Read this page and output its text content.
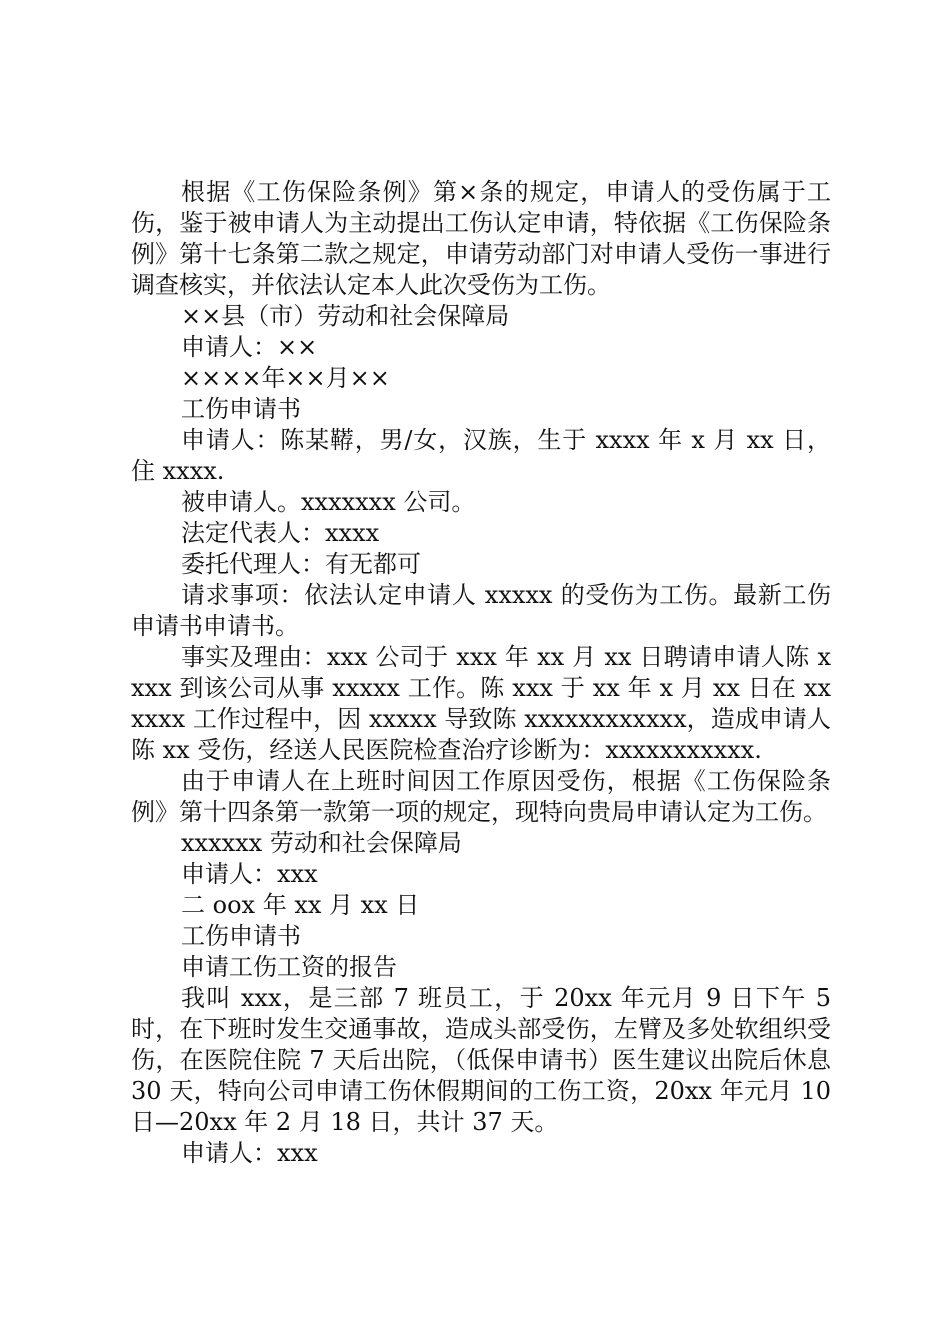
根据《工伤保险条例》第×条的规定，申请人的受伤属于工伤，鉴于被申请人为主动提出工伤认定申请，特依据《工伤保险条例》第十七条第二款之规定，申请劳动部门对申请人受伤一事进行调查核实，并依法认定本人此次受伤为工伤。

××县（市）劳动和社会保障局

申请人：××

××××年××月××

工伤申请书

申请人：陈某鞯，男/女，汉族，生于 xxxx 年 x 月 xx 日，住 xxxx.

被申请人。xxxxxxx 公司。

法定代表人：xxxx

委托代理人：有无都可

请求事项：依法认定申请人 xxxxx 的受伤为工伤。最新工伤申请书申请书。

事实及理由：xxx 公司于 xxx 年 xx 月 xx 日聘请申请人陈 xxxx 到该公司从事 xxxxx 工作。陈 xxx 于 xx 年 x 月 xx 日在 xxxxxx 工作过程中，因 xxxxx 导致陈 xxxxxxxxxxxx，造成申请人陈 xx 受伤，经送人民医院检查治疗诊断为：xxxxxxxxxxx.

由于申请人在上班时间因工作原因受伤，根据《工伤保险条例》第十四条第一款第一项的规定，现特向贵局申请认定为工伤。

xxxxxx 劳动和社会保障局

申请人：xxx

二 oox 年 xx 月 xx 日

工伤申请书

申请工伤工资的报告

我叫 xxx，是三部 7 班员工，于 20xx 年元月 9 日下午 5 时，在下班时发生交通事故，造成头部受伤，左臂及多处软组织受伤，在医院住院 7 天后出院，（低保申请书）医生建议出院后休息 30 天，特向公司申请工伤休假期间的工伤工资，20xx 年元月 10 日—20xx 年 2 月 18 日，共计 37 天。

申请人：xxx
